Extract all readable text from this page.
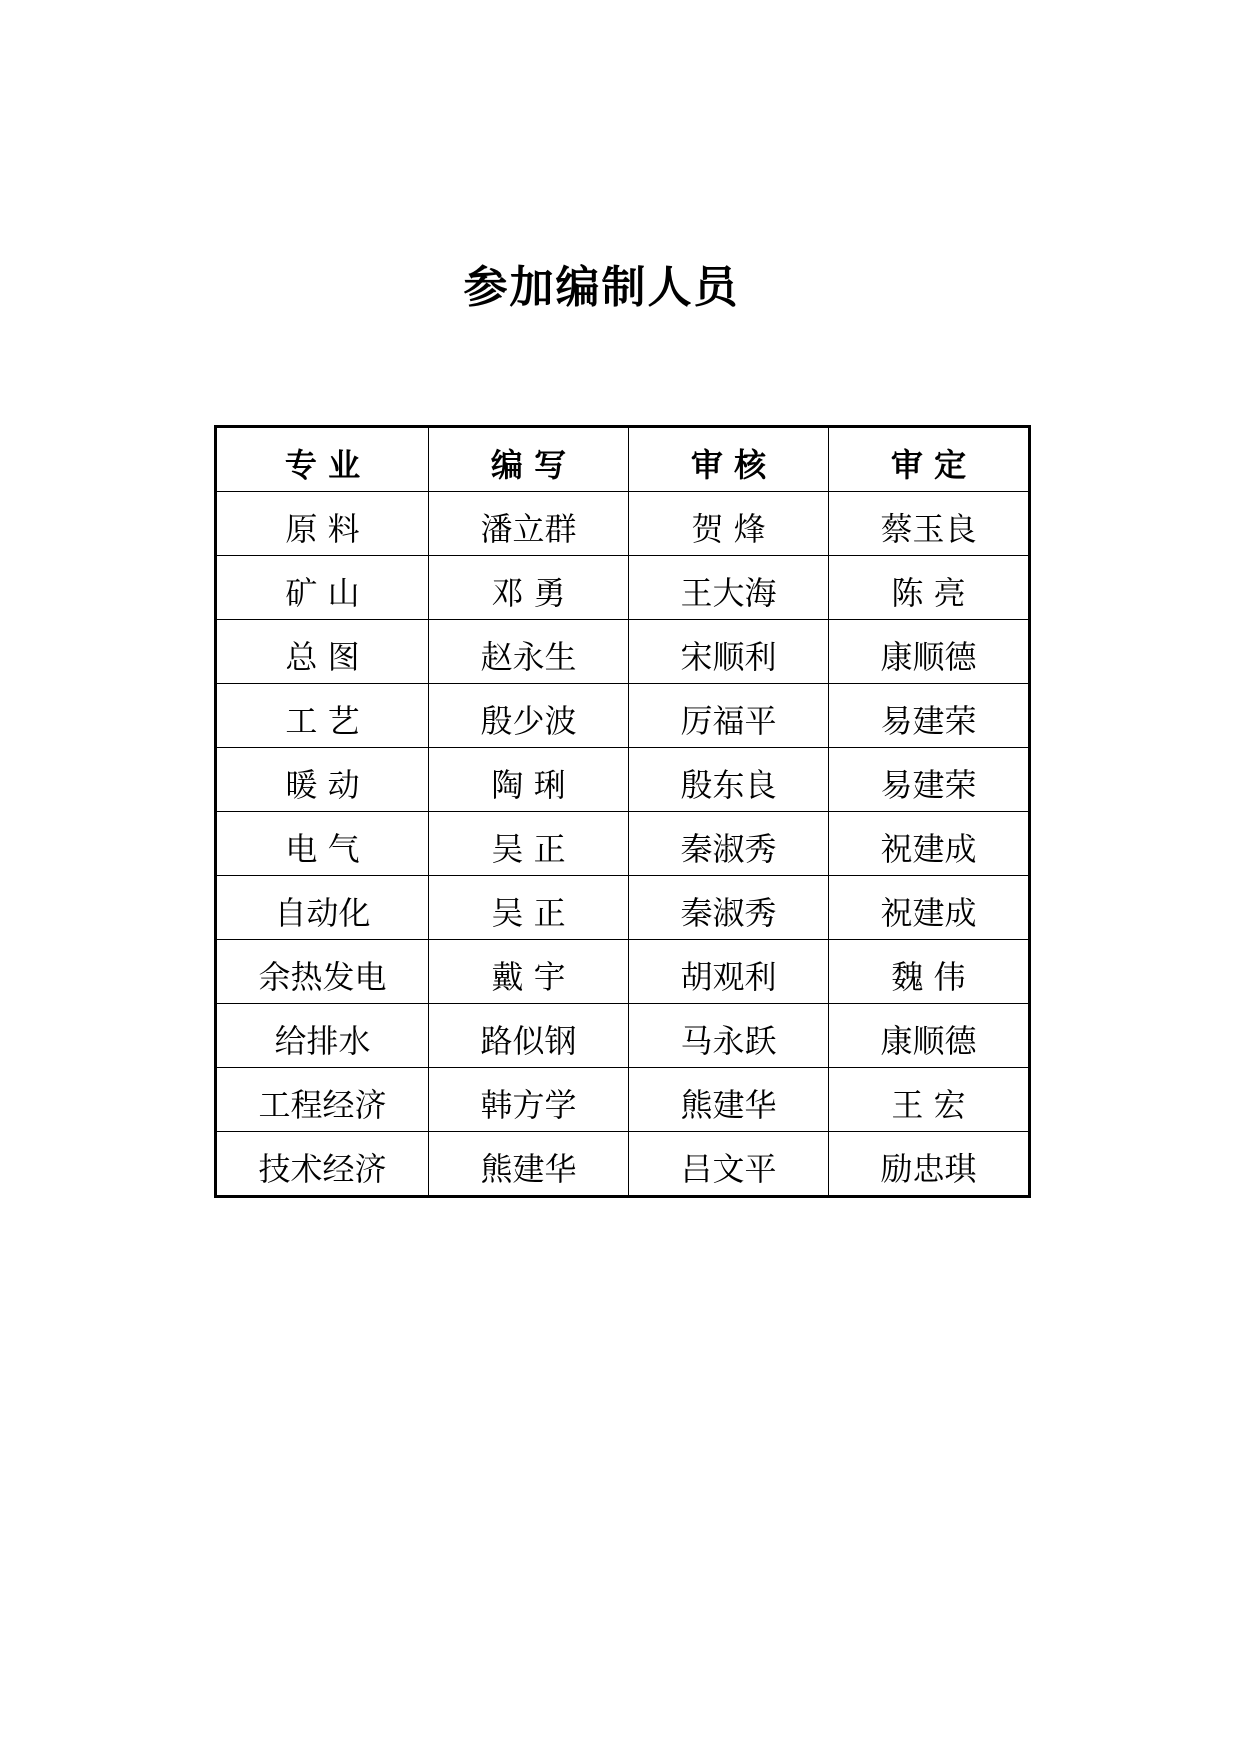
参加编制人员
专 业	编 写	审 核	审 定
原 料	潘立群	贺 烽	蔡玉良
矿 山	邓 勇	王大海	陈 亮
总 图	赵永生	宋顺利	康顺德
工 艺	殷少波	厉福平	易建荣
暖 动	陶 琍	殷东良	易建荣
电 气	吴 正	秦淑秀	祝建成
自动化	吴 正	秦淑秀	祝建成
余热发电	戴 宇	胡观利	魏 伟
给排水	路似钢	马永跃	康顺德
工程经济	韩方学	熊建华	王 宏
技术经济	熊建华	吕文平	励忠琪
